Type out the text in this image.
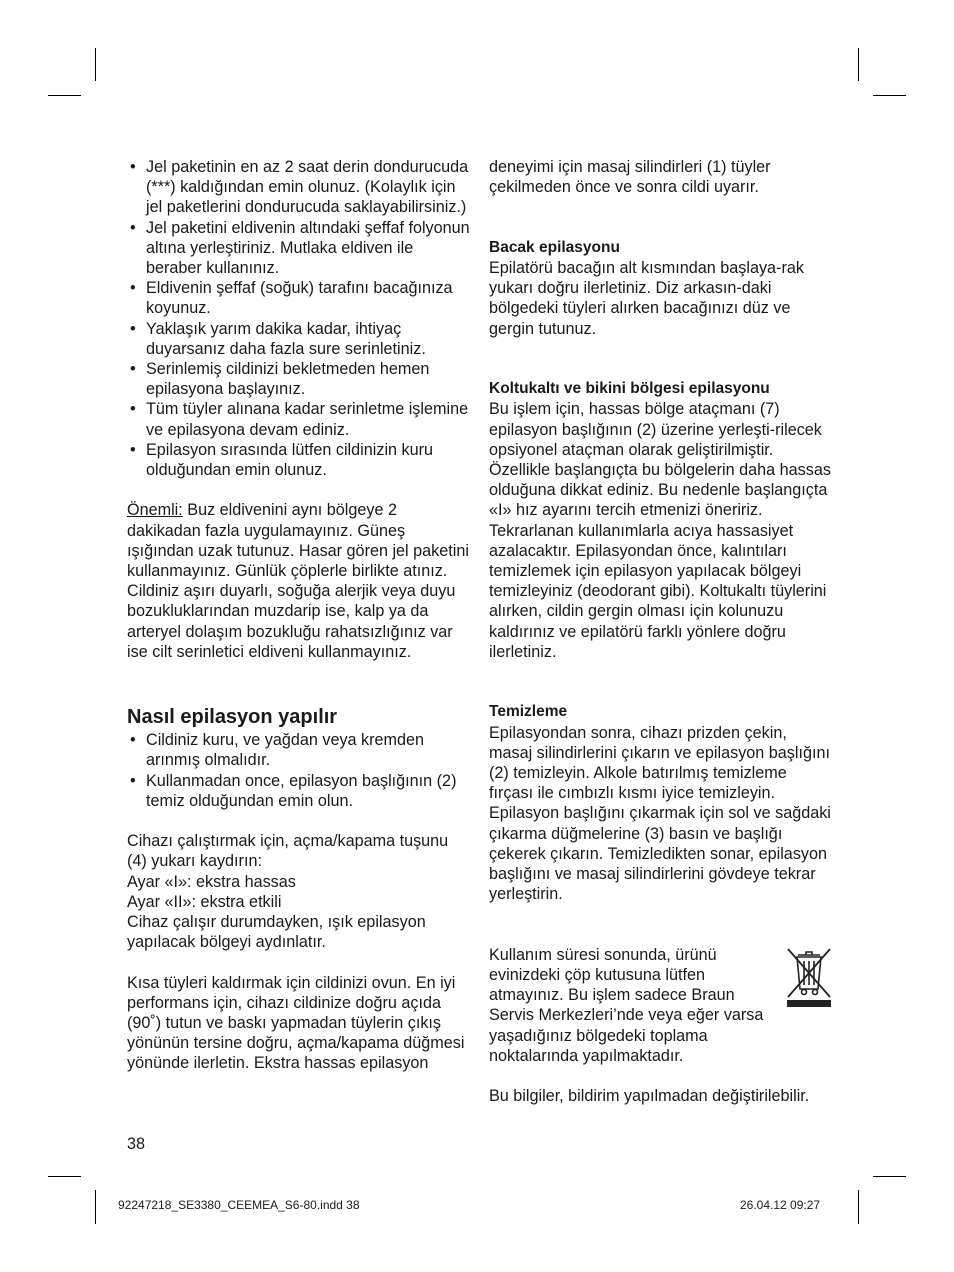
• Jel paketinin en az 2 saat derin dondurucuda (***) kaldığından emin olunuz. (Kolaylık için jel paketlerini dondurucuda saklayabilirsiniz.)
• Jel paketini eldivenin altındaki şeffaf folyonun altına yerleştiriniz. Mutlaka eldiven ile beraber kullanınız.
• Eldivenin şeffaf (soğuk) tarafını bacağınıza koyunuz.
• Yaklaşık yarım dakika kadar, ihtiyaç duyarsanız daha fazla sure serinletiniz.
• Serinlemiş cildinizi bekletmeden hemen epilasyona başlayınız.
• Tüm tüyler alınana kadar serinletme işlemine ve epilasyona devam ediniz.
• Epilasyon sırasında lütfen cildinizin kuru olduğundan emin olunuz.

Önemli: Buz eldivenini aynı bölgeye 2 dakikadan fazla uygulamayınız. Güneş ışığından uzak tutunuz. Hasar gören jel paketini kullanmayınız. Günlük çöplerle birlikte atınız. Cildiniz aşırı duyarlı, soğuğa alerjik veya duyu bozukluklarından muzdarip ise, kalp ya da arteryel dolaşım bozukluğu rahatsızlığınız var ise cilt serinletici eldiveni kullanmayınız.

Nasıl epilasyon yapılır
• Cildiniz kuru, ve yağdan veya kremden arınmış olmalıdır.
• Kullanmadan once, epilasyon başlığının (2) temiz olduğundan emin olun.

Cihazı çalıştırmak için, açma/kapama tuşunu (4) yukarı kaydırın:

Ayar «I»: ekstra hassas

Ayar «II»: ekstra etkili

Cihaz çalışır durumdayken, ışık epilasyon yapılacak bölgeyi aydınlatır.

Kısa tüyleri kaldırmak için cildinizi ovun. En iyi performans için, cihazı cildinize doğru açıda (90˚) tutun ve baskı yapmadan tüylerin çıkış yönünün tersine doğru, açma/kapama düğmesi yönünde ilerletin. Ekstra hassas epilasyon

deneyimi için masaj silindirleri (1) tüyler çekilmeden önce ve sonra cildi uyarır.

Bacak epilasyonu

Epilatörü bacağın alt kısmından başlaya-rak yukarı doğru ilerletiniz. Diz arkasın-daki bölgedeki tüyleri alırken bacağınızı düz ve gergin tutunuz.

Koltukaltı ve bikini bölgesi epilasyonu

Bu işlem için, hassas bölge ataçmanı (7) epilasyon başlığının (2) üzerine yerleşti-rilecek opsiyonel ataçman olarak geliştirilmiştir.

Özellikle başlangıçta bu bölgelerin daha hassas olduğuna dikkat ediniz. Bu nedenle başlangıçta «I» hız ayarını tercih etmenizi öneririz. Tekrarlanan kullanımlarla acıya hassasiyet azalacaktır. Epilasyondan önce, kalıntıları temizlemek için epilasyon yapılacak bölgeyi temizleyiniz (deodorant gibi). Koltukaltı tüylerini alırken, cildin gergin olması için kolunuzu kaldırınız ve epilatörü farklı yönlere doğru ilerletiniz.

Temizleme

Epilasyondan sonra, cihazı prizden çekin, masaj silindirlerini çıkarın ve epilasyon başlığını (2) temizleyin. Alkole batırılmış temizleme fırçası ile cımbızlı kısmı iyice temizleyin. Epilasyon başlığını çıkarmak için sol ve sağdaki çıkarma düğmelerine (3) basın ve başlığı çekerek çıkarın. Temizledikten sonar, epilasyon başlığını ve masaj silindirlerini gövdeye tekrar yerleştirin.

Kullanım süresi sonunda, ürünü evinizdeki çöp kutusuna lütfen atmayınız. Bu işlem sadece Braun Servis Merkezleri’nde veya eğer varsa yaşadığınız bölgedeki toplama noktalarında yapılmaktadır.

Bu bilgiler, bildirim yapılmadan değiştirilebilir.

38
92247218_SE3380_CEEMEA_S6-80.indd 38	26.04.12 09:27
